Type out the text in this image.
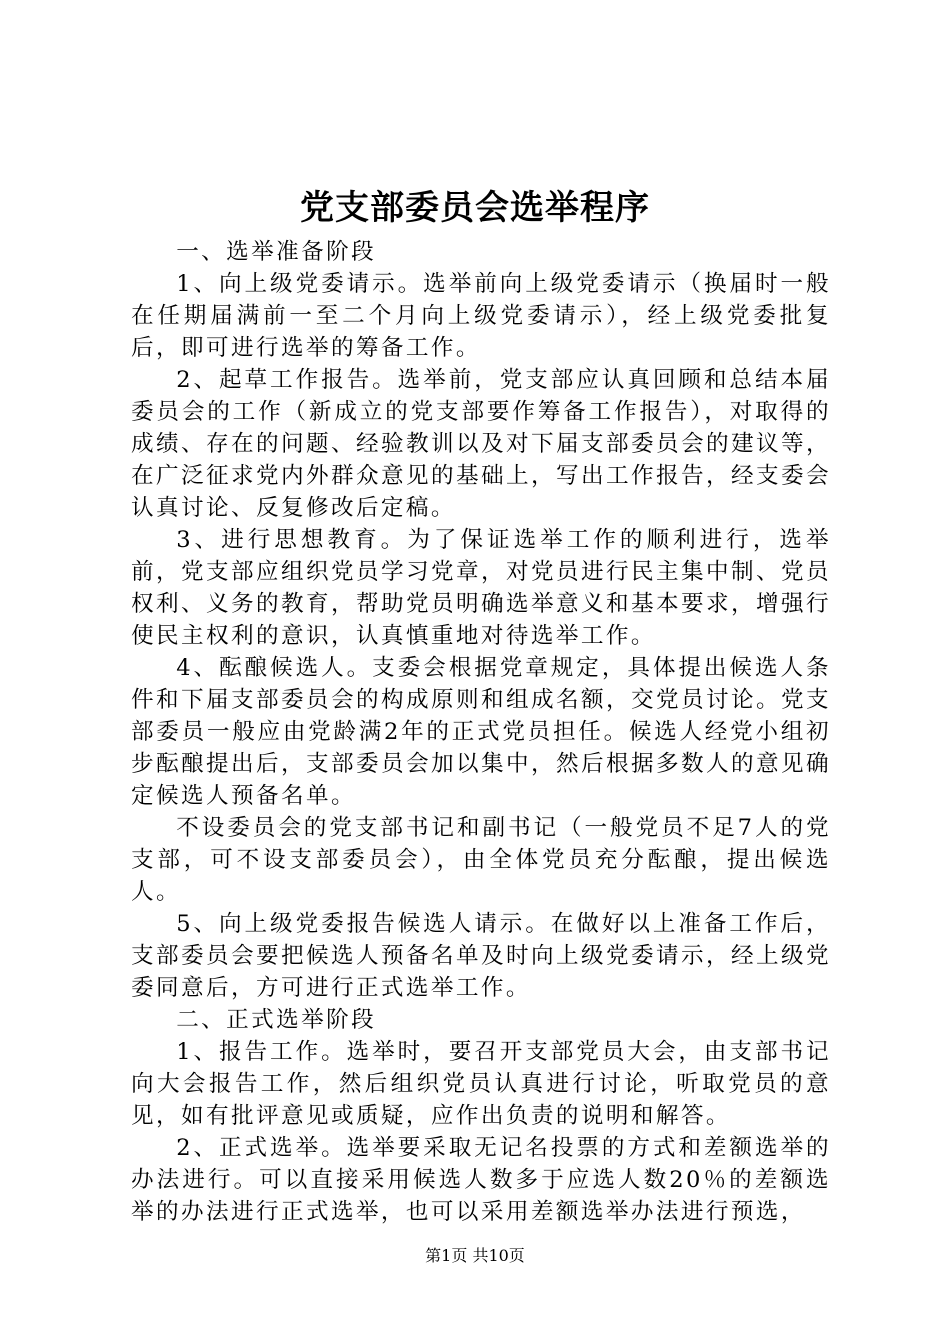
党支部委员会选举程序

一、选举准备阶段

1、向上级党委请示。选举前向上级党委请示（换届时一般在任期届满前一至二个月向上级党委请示），经上级党委批复后，即可进行选举的筹备工作。

2、起草工作报告。选举前，党支部应认真回顾和总结本届委员会的工作（新成立的党支部要作筹备工作报告），对取得的成绩、存在的问题、经验教训以及对下届支部委员会的建议等，在广泛征求党内外群众意见的基础上，写出工作报告，经支委会认真讨论、反复修改后定稿。

3、进行思想教育。为了保证选举工作的顺利进行，选举前，党支部应组织党员学习党章，对党员进行民主集中制、党员权利、义务的教育，帮助党员明确选举意义和基本要求，增强行使民主权利的意识，认真慎重地对待选举工作。

4、酝酿候选人。支委会根据党章规定，具体提出候选人条件和下届支部委员会的构成原则和组成名额，交党员讨论。党支部委员一般应由党龄满2年的正式党员担任。候选人经党小组初步酝酿提出后，支部委员会加以集中，然后根据多数人的意见确定候选人预备名单。

不设委员会的党支部书记和副书记（一般党员不足7人的党支部，可不设支部委员会），由全体党员充分酝酿，提出候选人。

5、向上级党委报告候选人请示。在做好以上准备工作后，支部委员会要把候选人预备名单及时向上级党委请示，经上级党委同意后，方可进行正式选举工作。

二、正式选举阶段

1、报告工作。选举时，要召开支部党员大会，由支部书记向大会报告工作，然后组织党员认真进行讨论，听取党员的意见，如有批评意见或质疑，应作出负责的说明和解答。

2、正式选举。选举要采取无记名投票的方式和差额选举的办法进行。可以直接采用候选人数多于应选人数20％的差额选举的办法进行正式选举，也可以采用差额选举办法进行预选，

第1页 共10页
